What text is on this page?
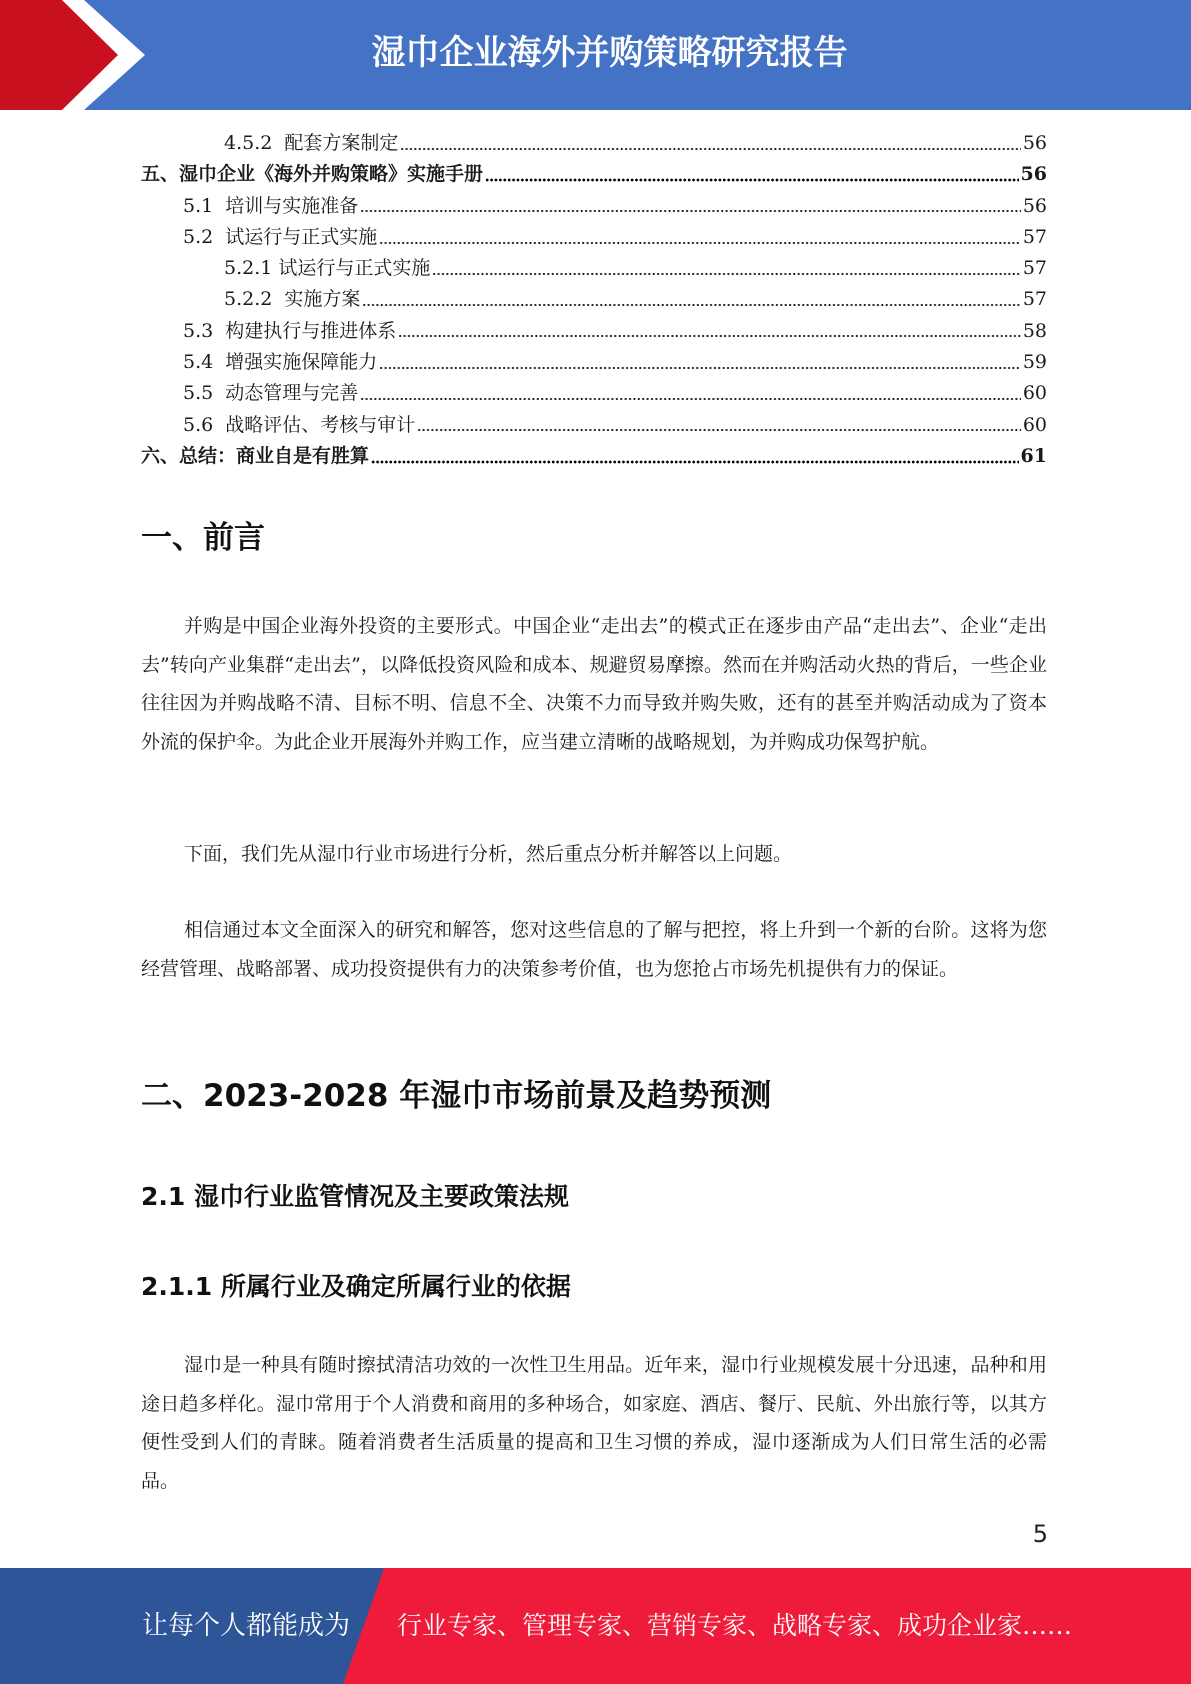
湿巾企业海外并购策略研究报告
4.5.2  配套方案制定	56
五、湿巾企业《海外并购策略》实施手册	56
5.1  培训与实施准备	56
5.2  试运行与正式实施	57
5.2.1 试运行与正式实施	57
5.2.2  实施方案	57
5.3  构建执行与推进体系	58
5.4  增强实施保障能力	59
5.5  动态管理与完善	60
5.6  战略评估、考核与审计	60
六、总结：商业自是有胜算	61
一、前言
并购是中国企业海外投资的主要形式。中国企业“走出去”的模式正在逐步由产品“走出去”、企业“走出去”转向产业集群“走出去”，以降低投资风险和成本、规避贸易摩擦。然而在并购活动火热的背后，一些企业往往因为并购战略不清、目标不明、信息不全、决策不力而导致并购失败，还有的甚至并购活动成为了资本外流的保护伞。为此企业开展海外并购工作，应当建立清晰的战略规划，为并购成功保驾护航。
下面，我们先从湿巾行业市场进行分析，然后重点分析并解答以上问题。
相信通过本文全面深入的研究和解答，您对这些信息的了解与把控，将上升到一个新的台阶。这将为您经营管理、战略部署、成功投资提供有力的决策参考价值，也为您抢占市场先机提供有力的保证。
二、2023-2028 年湿巾市场前景及趋势预测
2.1 湿巾行业监管情况及主要政策法规
2.1.1 所属行业及确定所属行业的依据
湿巾是一种具有随时擦拭清洁功效的一次性卫生用品。近年来，湿巾行业规模发展十分迅速，品种和用途日趋多样化。湿巾常用于个人消费和商用的多种场合，如家庭、酒店、餐厅、民航、外出旅行等，以其方便性受到人们的青睐。随着消费者生活质量的提高和卫生习惯的养成，湿巾逐渐成为人们日常生活的必需品。
5
让每个人都能成为 行业专家、管理专家、营销专家、战略专家、成功企业家……
